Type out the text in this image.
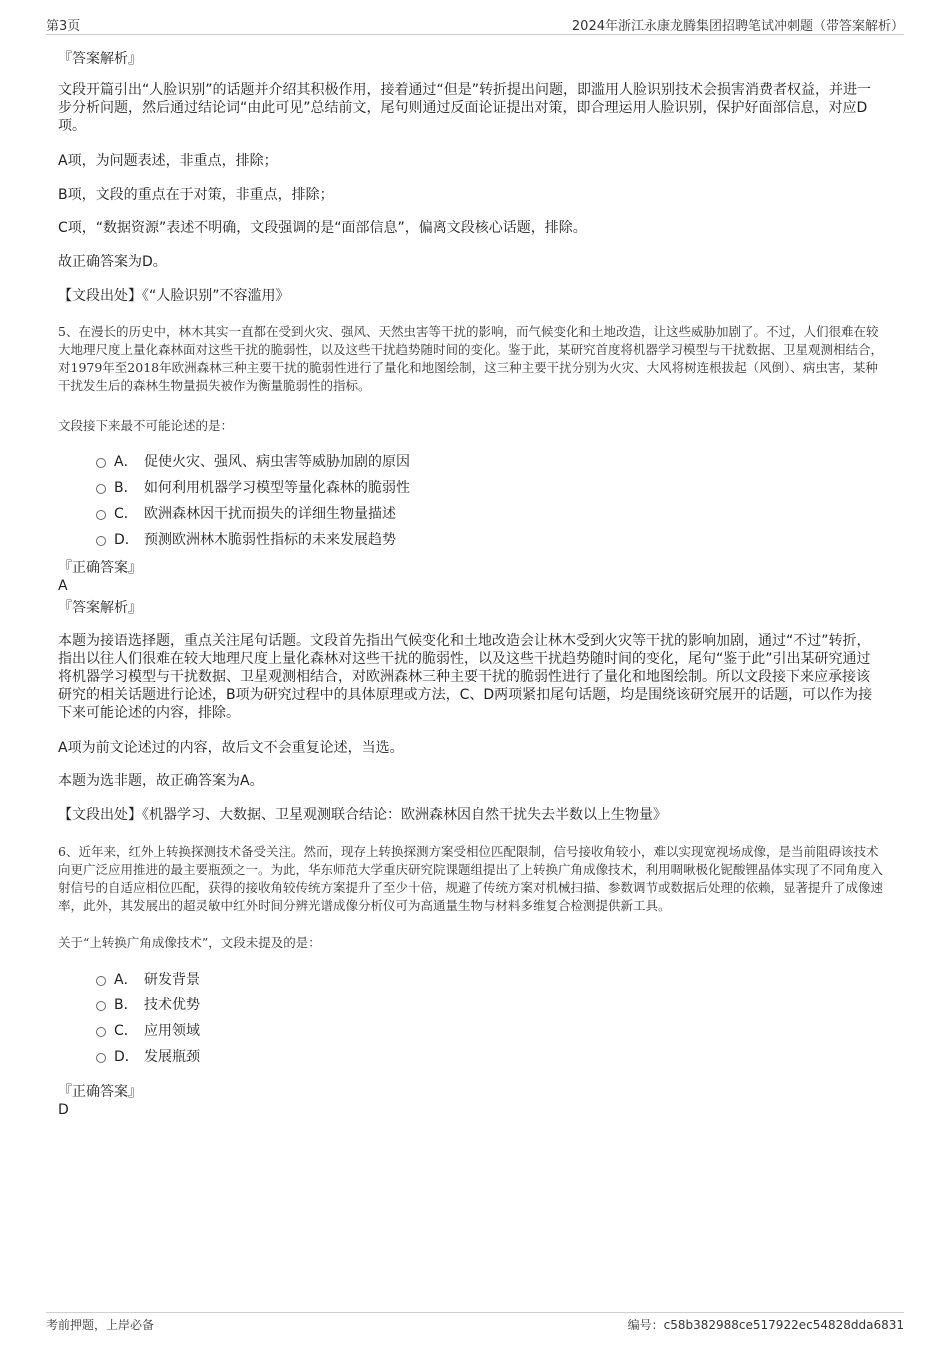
第3页	2024年浙江永康龙腾集团招聘笔试冲刺题（带答案解析）
『答案解析』
文段开篇引出“人脸识别”的话题并介绍其积极作用，接着通过“但是”转折提出问题，即滥用人脸识别技术会损害消费者权益，并进一步分析问题，然后通过结论词“由此可见”总结前文，尾句则通过反面论证提出对策，即合理运用人脸识别，保护好面部信息，对应D项。
A项，为问题表述，非重点，排除；
B项，文段的重点在于对策，非重点，排除；
C项，“数据资源”表述不明确，文段强调的是“面部信息”，偏离文段核心话题，排除。
故正确答案为D。
【文段出处】《“人脸识别”不容滥用》
5、在漫长的历史中，林木其实一直都在受到火灾、强风、天然虫害等干扰的影响，而气候变化和土地改造，让这些威胁加剧了。不过，人们很难在较大地理尺度上量化森林面对这些干扰的脆弱性，以及这些干扰趋势随时间的变化。鉴于此，某研究首度将机器学习模型与干扰数据、卫星观测相结合，对1979年至2018年欧洲森林三种主要干扰的脆弱性进行了量化和地图绘制，这三种主要干扰分别为火灾、大风将树连根拔起（风倒）、病虫害，某种干扰发生后的森林生物量损失被作为衡量脆弱性的指标。
文段接下来最不可能论述的是：
A． 促使火灾、强风、病虫害等威胁加剧的原因
B． 如何利用机器学习模型等量化森林的脆弱性
C． 欧洲森林因干扰而损失的详细生物量描述
D． 预测欧洲林木脆弱性指标的未来发展趋势
『正确答案』
A
『答案解析』
本题为接语选择题，重点关注尾句话题。文段首先指出气候变化和土地改造会让林木受到火灾等干扰的影响加剧，通过“不过”转折，指出以往人们很难在较大地理尺度上量化森林对这些干扰的脆弱性，以及这些干扰趋势随时间的变化，尾句“鉴于此”引出某研究通过将机器学习模型与干扰数据、卫星观测相结合，对欧洲森林三种主要干扰的脆弱性进行了量化和地图绘制。所以文段接下来应承接该研究的相关话题进行论述，B项为研究过程中的具体原理或方法，C、D两项紧扣尾句话题，均是围绕该研究展开的话题，可以作为接下来可能论述的内容，排除。
A项为前文论述过的内容，故后文不会重复论述，当选。
本题为选非题，故正确答案为A。
【文段出处】《机器学习、大数据、卫星观测联合结论：欧洲森林因自然干扰失去半数以上生物量》
6、近年来，红外上转换探测技术备受关注。然而，现存上转换探测方案受相位匹配限制，信号接收角较小，难以实现宽视场成像，是当前阻碍该技术向更广泛应用推进的最主要瓶颈之一。为此，华东师范大学重庆研究院课题组提出了上转换广角成像技术，利用啁啾极化铌酸锂晶体实现了不同角度入射信号的自适应相位匹配，获得的接收角较传统方案提升了至少十倍，规避了传统方案对机械扫描、参数调节或数据后处理的依赖，显著提升了成像速率，此外，其发展出的超灵敏中红外时间分辨光谱成像分析仪可为高通量生物与材料多维复合检测提供新工具。
关于“上转换广角成像技术”，文段未提及的是：
A． 研发背景
B． 技术优势
C． 应用领域
D． 发展瓶颈
『正确答案』
D
考前押题，上岸必备	编号：c58b382988ce517922ec54828dda6831
